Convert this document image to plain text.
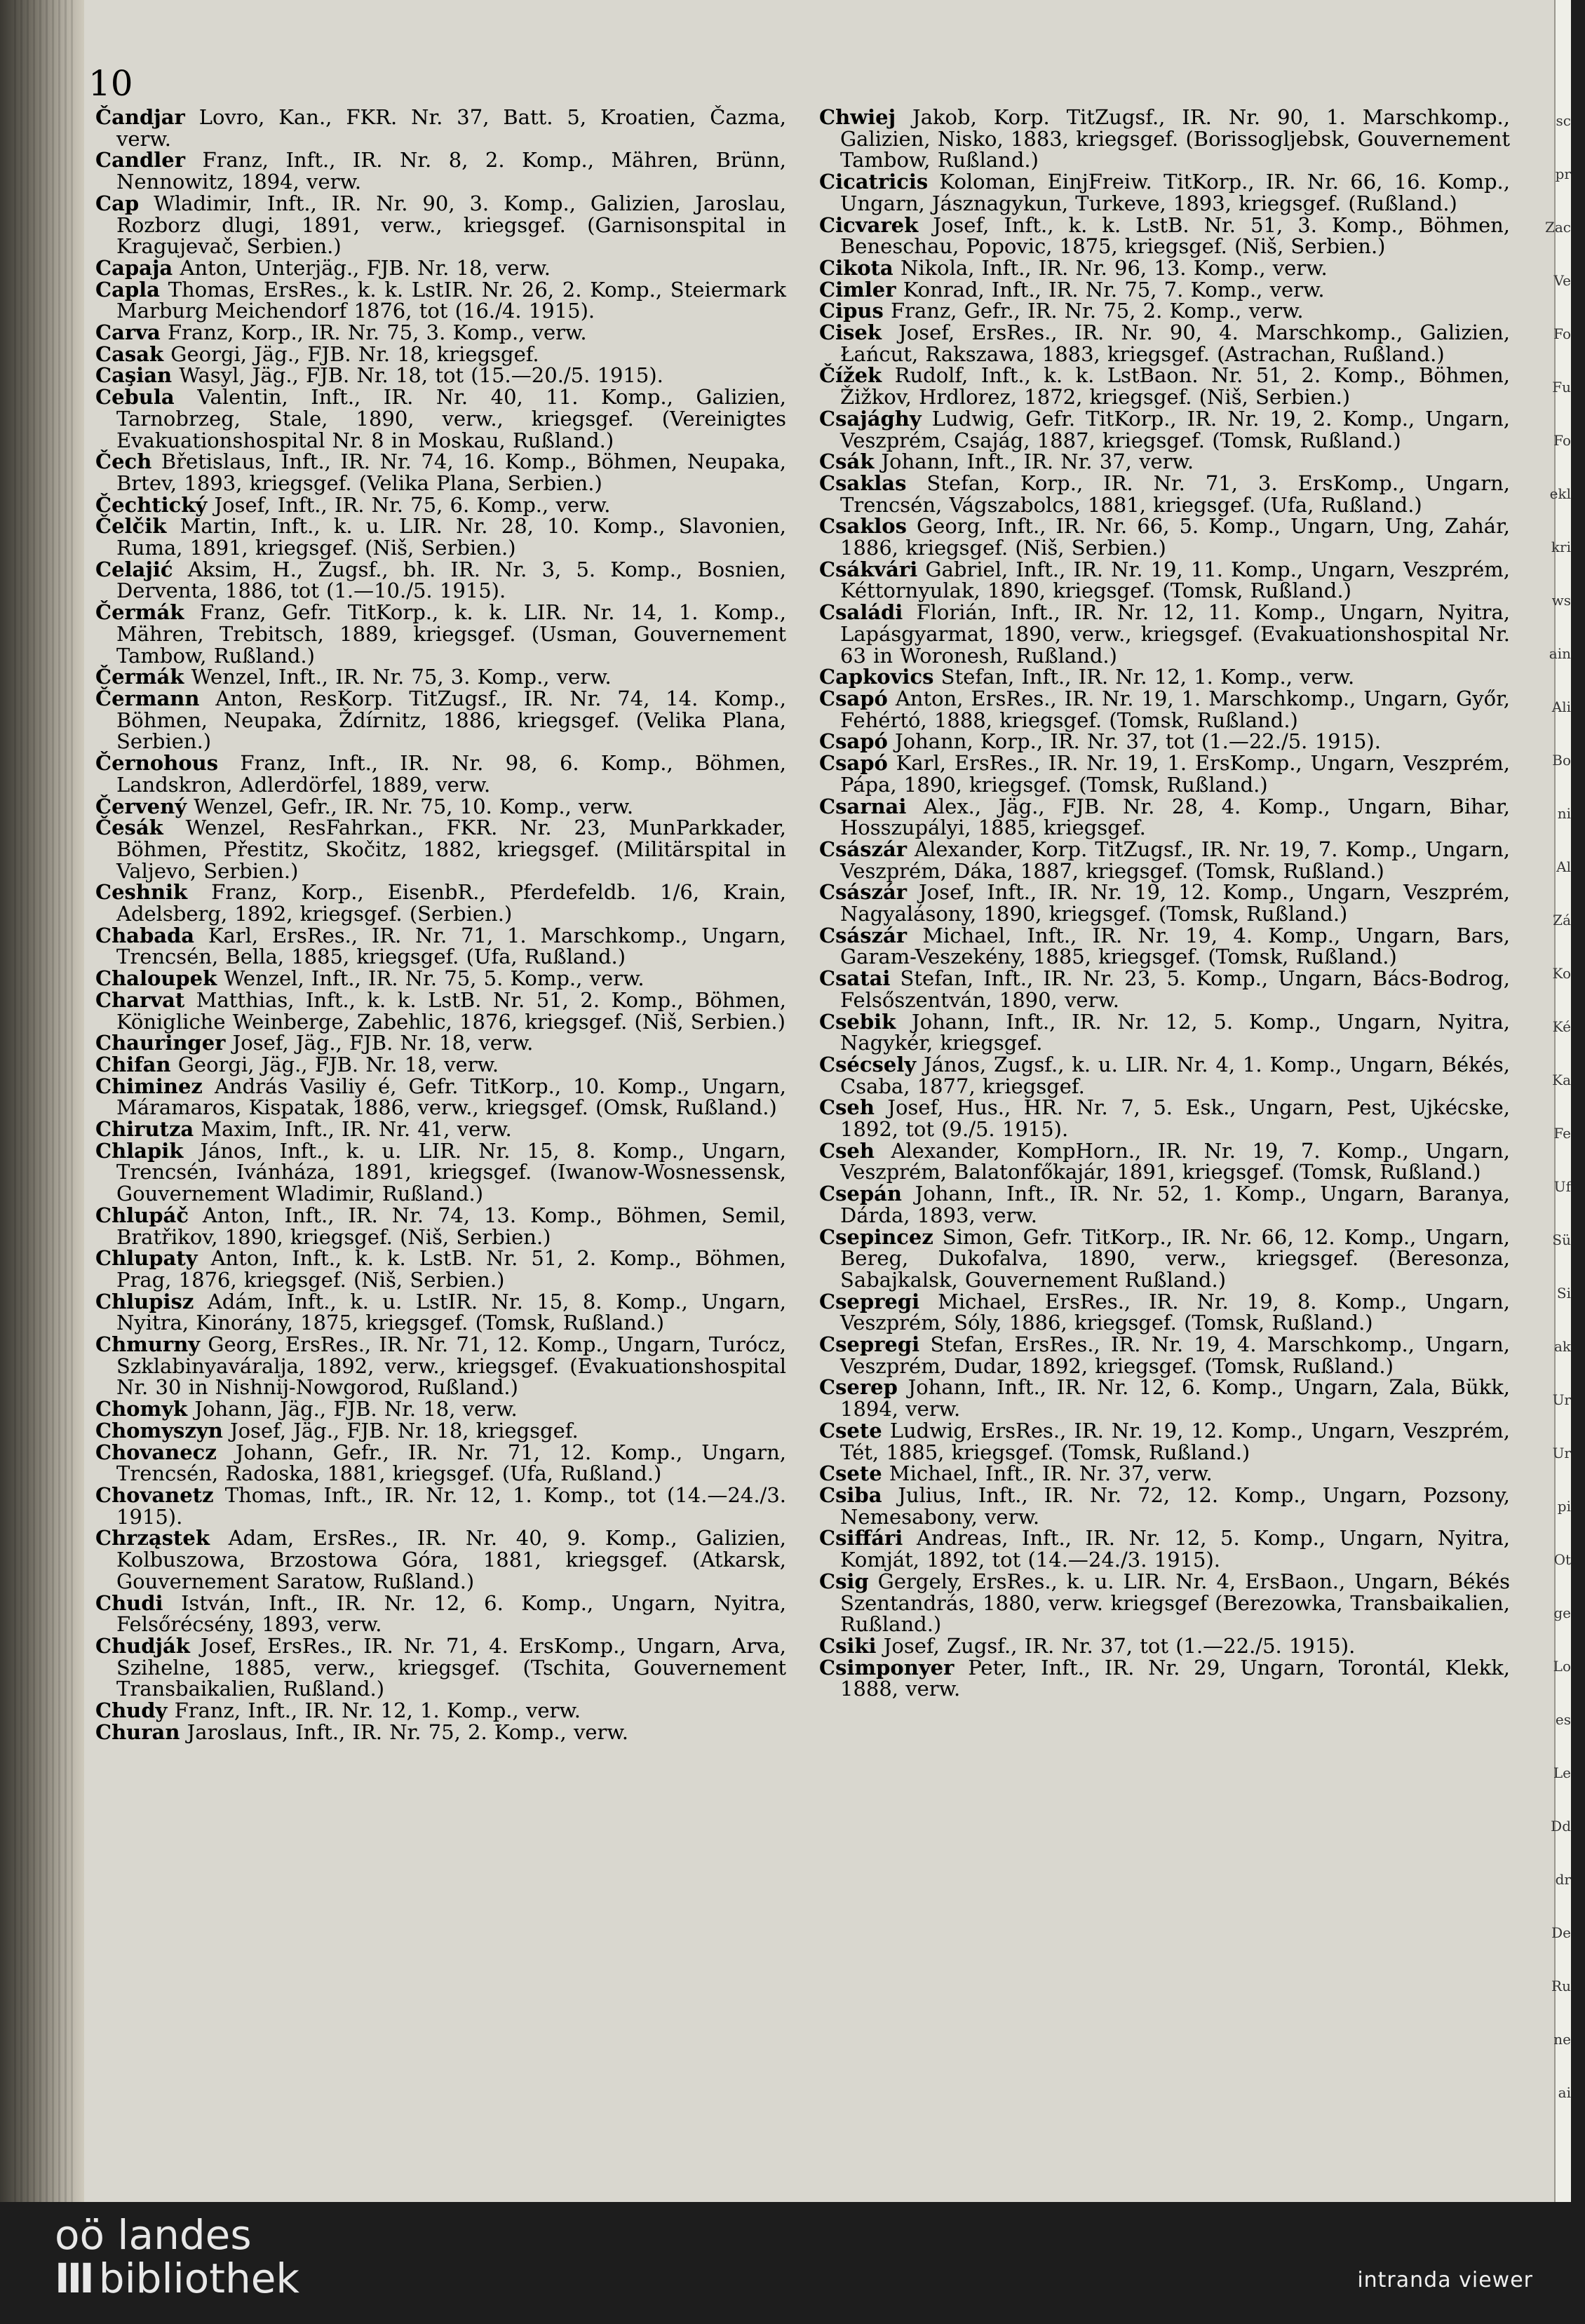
sc
pr
Zac
Ve
Fo
Fu
Fo
ekl
kri
ws
ain
Ali
Bo
ni
Al
Zá
Ko
Ké
Ka
Fe
Uf
Sü
Si
ak
Ur
Ur
pi
Ot
ge
Lo
es
Le
Dd
dr
De
Ru
ne
ai
10
Čandjar Lovro, Kan., FKR. Nr. 37, Batt. 5, Kroatien, Čazma, verw.
Candler Franz, Inft., IR. Nr. 8, 2. Komp., Mähren, Brünn, Nennowitz, 1894, verw.
Cap Wladimir, Inft., IR. Nr. 90, 3. Komp., Galizien, Jaroslau, Rozborz dlugi, 1891, verw., kriegsgef. (Garnisonspital in Kragujevač, Serbien.)
Capaja Anton, Unterjäg., FJB. Nr. 18, verw.
Capla Thomas, ErsRes., k. k. LstIR. Nr. 26, 2. Komp., Steiermark Marburg Meichendorf 1876, tot (16./4. 1915).
Carva Franz, Korp., IR. Nr. 75, 3. Komp., verw.
Casak Georgi, Jäg., FJB. Nr. 18, kriegsgef.
Caşian Wasyl, Jäg., FJB. Nr. 18, tot (15.—20./5. 1915).
Cebula Valentin, Inft., IR. Nr. 40, 11. Komp., Galizien, Tarnobrzeg, Stale, 1890, verw., kriegsgef. (Vereinigtes Evakuationshospital Nr. 8 in Moskau, Rußland.)
Čech Břetislaus, Inft., IR. Nr. 74, 16. Komp., Böhmen, Neupaka, Brtev, 1893, kriegsgef. (Velika Plana, Serbien.)
Čechtický Josef, Inft., IR. Nr. 75, 6. Komp., verw.
Čelčik Martin, Inft., k. u. LIR. Nr. 28, 10. Komp., Slavonien, Ruma, 1891, kriegsgef. (Niš, Serbien.)
Celajić Aksim, H., Zugsf., bh. IR. Nr. 3, 5. Komp., Bosnien, Derventa, 1886, tot (1.—10./5. 1915).
Čermák Franz, Gefr. TitKorp., k. k. LIR. Nr. 14, 1. Komp., Mähren, Trebitsch, 1889, kriegsgef. (Usman, Gouvernement Tambow, Rußland.)
Čermák Wenzel, Inft., IR. Nr. 75, 3. Komp., verw.
Čermann Anton, ResKorp. TitZugsf., IR. Nr. 74, 14. Komp., Böhmen, Neupaka, Ždírnitz, 1886, kriegsgef. (Velika Plana, Serbien.)
Černohous Franz, Inft., IR. Nr. 98, 6. Komp., Böhmen, Landskron, Adlerdörfel, 1889, verw.
Červený Wenzel, Gefr., IR. Nr. 75, 10. Komp., verw.
Česák Wenzel, ResFahrkan., FKR. Nr. 23, MunParkkader, Böhmen, Přestitz, Skočitz, 1882, kriegsgef. (Militärspital in Valjevo, Serbien.)
Ceshnik Franz, Korp., EisenbR., Pferdefeldb. 1/6, Krain, Adelsberg, 1892, kriegsgef. (Serbien.)
Chabada Karl, ErsRes., IR. Nr. 71, 1. Marschkomp., Ungarn, Trencsén, Bella, 1885, kriegsgef. (Ufa, Rußland.)
Chaloupek Wenzel, Inft., IR. Nr. 75, 5. Komp., verw.
Charvat Matthias, Inft., k. k. LstB. Nr. 51, 2. Komp., Böhmen, Königliche Weinberge, Zabehlic, 1876, kriegsgef. (Niš, Serbien.)
Chauringer Josef, Jäg., FJB. Nr. 18, verw.
Chifan Georgi, Jäg., FJB. Nr. 18, verw.
Chiminez András Vasiliy é, Gefr. TitKorp., 10. Komp., Ungarn, Máramaros, Kispatak, 1886, verw., kriegsgef. (Omsk, Rußland.)
Chirutza Maxim, Inft., IR. Nr. 41, verw.
Chlapik János, Inft., k. u. LIR. Nr. 15, 8. Komp., Ungarn, Trencsén, Ivánháza, 1891, kriegsgef. (Iwanow-Wosnessensk, Gouvernement Wladimir, Rußland.)
Chlupáč Anton, Inft., IR. Nr. 74, 13. Komp., Böhmen, Semil, Bratřikov, 1890, kriegsgef. (Niš, Serbien.)
Chlupaty Anton, Inft., k. k. LstB. Nr. 51, 2. Komp., Böhmen, Prag, 1876, kriegsgef. (Niš, Serbien.)
Chlupisz Adám, Inft., k. u. LstIR. Nr. 15, 8. Komp., Ungarn, Nyitra, Kinorány, 1875, kriegsgef. (Tomsk, Rußland.)
Chmurny Georg, ErsRes., IR. Nr. 71, 12. Komp., Ungarn, Turócz, Szklabinyaváralja, 1892, verw., kriegsgef. (Evakuationshospital Nr. 30 in Nishnij-Nowgorod, Rußland.)
Chomyk Johann, Jäg., FJB. Nr. 18, verw.
Chomyszyn Josef, Jäg., FJB. Nr. 18, kriegsgef.
Chovanecz Johann, Gefr., IR. Nr. 71, 12. Komp., Ungarn, Trencsén, Radoska, 1881, kriegsgef. (Ufa, Rußland.)
Chovanetz Thomas, Inft., IR. Nr. 12, 1. Komp., tot (14.—24./3. 1915).
Chrząstek Adam, ErsRes., IR. Nr. 40, 9. Komp., Galizien, Kolbuszowa, Brzostowa Góra, 1881, kriegsgef. (Atkarsk, Gouvernement Saratow, Rußland.)
Chudi István, Inft., IR. Nr. 12, 6. Komp., Ungarn, Nyitra, Felsőrécsény, 1893, verw.
Chudják Josef, ErsRes., IR. Nr. 71, 4. ErsKomp., Ungarn, Arva, Szihelne, 1885, verw., kriegsgef. (Tschita, Gouvernement Transbaikalien, Rußland.)
Chudy Franz, Inft., IR. Nr. 12, 1. Komp., verw.
Churan Jaroslaus, Inft., IR. Nr. 75, 2. Komp., verw.
Chwiej Jakob, Korp. TitZugsf., IR. Nr. 90, 1. Marschkomp., Galizien, Nisko, 1883, kriegsgef. (Borissoglјebsk, Gouvernement Tambow, Rußland.)
Cicatricis Koloman, EinjFreiw. TitKorp., IR. Nr. 66, 16. Komp., Ungarn, Jásznagykun, Turkeve, 1893, kriegsgef. (Rußland.)
Cicvarek Josef, Inft., k. k. LstB. Nr. 51, 3. Komp., Böhmen, Beneschau, Popovic, 1875, kriegsgef. (Niš, Serbien.)
Cikota Nikola, Inft., IR. Nr. 96, 13. Komp., verw.
Cimler Konrad, Inft., IR. Nr. 75, 7. Komp., verw.
Cipus Franz, Gefr., IR. Nr. 75, 2. Komp., verw.
Cisek Josef, ErsRes., IR. Nr. 90, 4. Marschkomp., Galizien, Łańcut, Rakszawa, 1883, kriegsgef. (Astrachan, Rußland.)
Čížek Rudolf, Inft., k. k. LstBaon. Nr. 51, 2. Komp., Böhmen, Žižkov, Hrdlorez, 1872, kriegsgef. (Niš, Serbien.)
Csajághy Ludwig, Gefr. TitKorp., IR. Nr. 19, 2. Komp., Ungarn, Veszprém, Csajág, 1887, kriegsgef. (Tomsk, Rußland.)
Csák Johann, Inft., IR. Nr. 37, verw.
Csaklas Stefan, Korp., IR. Nr. 71, 3. ErsKomp., Ungarn, Trencsén, Vágszabolcs, 1881, kriegsgef. (Ufa, Rußland.)
Csaklos Georg, Inft., IR. Nr. 66, 5. Komp., Ungarn, Ung, Zahár, 1886, kriegsgef. (Niš, Serbien.)
Csákvári Gabriel, Inft., IR. Nr. 19, 11. Komp., Ungarn, Veszprém, Kéttornyulak, 1890, kriegsgef. (Tomsk, Rußland.)
Családi Florián, Inft., IR. Nr. 12, 11. Komp., Ungarn, Nyitra, Lapásgyarmat, 1890, verw., kriegsgef. (Evakuationshospital Nr. 63 in Woronesh, Rußland.)
Capkovics Stefan, Inft., IR. Nr. 12, 1. Komp., verw.
Csapó Anton, ErsRes., IR. Nr. 19, 1. Marschkomp., Ungarn, Győr, Fehértó, 1888, kriegsgef. (Tomsk, Rußland.)
Csapó Johann, Korp., IR. Nr. 37, tot (1.—22./5. 1915).
Csapó Karl, ErsRes., IR. Nr. 19, 1. ErsKomp., Ungarn, Veszprém, Pápa, 1890, kriegsgef. (Tomsk, Rußland.)
Csarnai Alex., Jäg., FJB. Nr. 28, 4. Komp., Ungarn, Bihar, Hosszupályi, 1885, kriegsgef.
Császár Alexander, Korp. TitZugsf., IR. Nr. 19, 7. Komp., Ungarn, Veszprém, Dáka, 1887, kriegsgef. (Tomsk, Rußland.)
Császár Josef, Inft., IR. Nr. 19, 12. Komp., Ungarn, Veszprém, Nagyalásony, 1890, kriegsgef. (Tomsk, Rußland.)
Császár Michael, Inft., IR. Nr. 19, 4. Komp., Ungarn, Bars, Garam-Veszekény, 1885, kriegsgef. (Tomsk, Rußland.)
Csatai Stefan, Inft., IR. Nr. 23, 5. Komp., Ungarn, Bács-Bodrog, Felsőszentván, 1890, verw.
Csebik Johann, Inft., IR. Nr. 12, 5. Komp., Ungarn, Nyitra, Nagykér, kriegsgef.
Csécsely János, Zugsf., k. u. LIR. Nr. 4, 1. Komp., Ungarn, Békés, Csaba, 1877, kriegsgef.
Cseh Josef, Hus., HR. Nr. 7, 5. Esk., Ungarn, Pest, Ujkécske, 1892, tot (9./5. 1915).
Cseh Alexander, KompHorn., IR. Nr. 19, 7. Komp., Ungarn, Veszprém, Balatonfőkajár, 1891, kriegsgef. (Tomsk, Rußland.)
Csepán Johann, Inft., IR. Nr. 52, 1. Komp., Ungarn, Baranya, Dárda, 1893, verw.
Csepincez Simon, Gefr. TitKorp., IR. Nr. 66, 12. Komp., Ungarn, Bereg, Dukofalva, 1890, verw., kriegsgef. (Beresonza, Sabajkalsk, Gouvernement Rußland.)
Csepregi Michael, ErsRes., IR. Nr. 19, 8. Komp., Ungarn, Veszprém, Sóly, 1886, kriegsgef. (Tomsk, Rußland.)
Csepregi Stefan, ErsRes., IR. Nr. 19, 4. Marschkomp., Ungarn, Veszprém, Dudar, 1892, kriegsgef. (Tomsk, Rußland.)
Cserep Johann, Inft., IR. Nr. 12, 6. Komp., Ungarn, Zala, Bükk, 1894, verw.
Csete Ludwig, ErsRes., IR. Nr. 19, 12. Komp., Ungarn, Veszprém, Tét, 1885, kriegsgef. (Tomsk, Rußland.)
Csete Michael, Inft., IR. Nr. 37, verw.
Csiba Julius, Inft., IR. Nr. 72, 12. Komp., Ungarn, Pozsony, Nemesabony, verw.
Csiffári Andreas, Inft., IR. Nr. 12, 5. Komp., Ungarn, Nyitra, Komját, 1892, tot (14.—24./3. 1915).
Csig Gergely, ErsRes., k. u. LIR. Nr. 4, ErsBaon., Ungarn, Békés Szentandrás, 1880, verw. kriegsgef (Berezowka, Transbaikalien, Rußland.)
Csiki Josef, Zugsf., IR. Nr. 37, tot (1.—22./5. 1915).
Csimponyer Peter, Inft., IR. Nr. 29, Ungarn, Torontál, Klekk, 1888, verw.
oö landes
III bibliothek	intranda viewer
